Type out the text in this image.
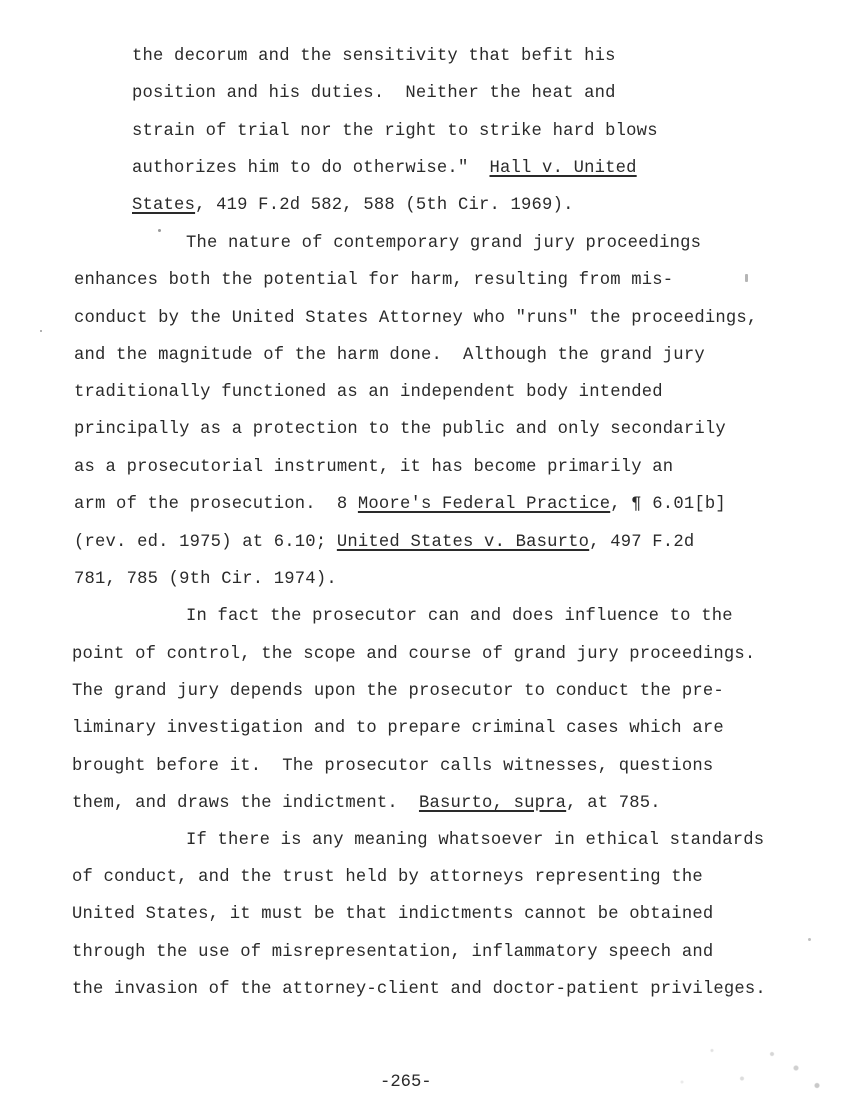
the decorum and the sensitivity that befit his
position and his duties.  Neither the heat and
strain of trial nor the right to strike hard blows
authorizes him to do otherwise."  Hall v. United
States, 419 F.2d 582, 588 (5th Cir. 1969).
The nature of contemporary grand jury proceedings
enhances both the potential for harm, resulting from mis-
conduct by the United States Attorney who "runs" the proceedings,
and the magnitude of the harm done.  Although the grand jury
traditionally functioned as an independent body intended
principally as a protection to the public and only secondarily
as a prosecutorial instrument, it has become primarily an
arm of the prosecution.  8 Moore's Federal Practice, ¶ 6.01[b]
(rev. ed. 1975) at 6.10; United States v. Basurto, 497 F.2d
781, 785 (9th Cir. 1974).
In fact the prosecutor can and does influence to the
point of control, the scope and course of grand jury proceedings.
The grand jury depends upon the prosecutor to conduct the pre-
liminary investigation and to prepare criminal cases which are
brought before it.  The prosecutor calls witnesses, questions
them, and draws the indictment.  Basurto, supra, at 785.
If there is any meaning whatsoever in ethical standards
of conduct, and the trust held by attorneys representing the
United States, it must be that indictments cannot be obtained
through the use of misrepresentation, inflammatory speech and
the invasion of the attorney-client and doctor-patient privileges.
-265-
